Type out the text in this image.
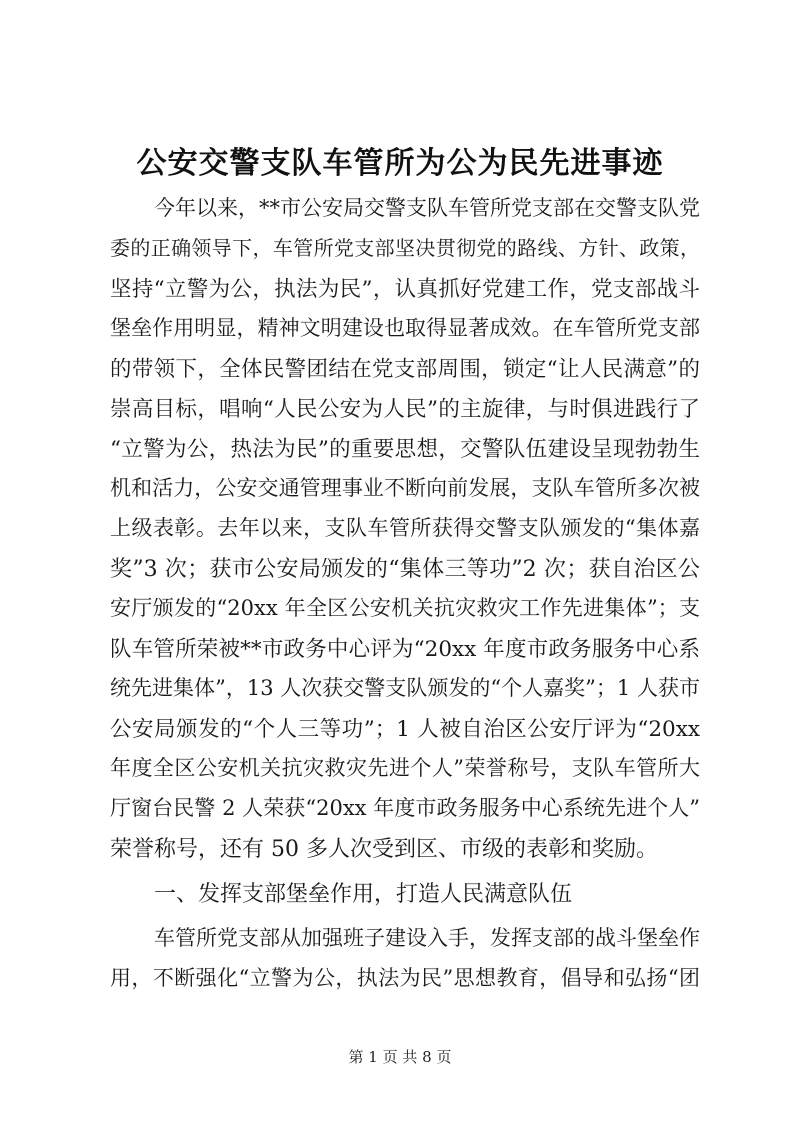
公安交警支队车管所为公为民先进事迹
今年以来，**市公安局交警支队车管所党支部在交警支队党
委的正确领导下，车管所党支部坚决贯彻党的路线、方针、政策，
坚持“立警为公，执法为民”，认真抓好党建工作，党支部战斗
堡垒作用明显，精神文明建设也取得显著成效。在车管所党支部
的带领下，全体民警团结在党支部周围，锁定“让人民满意”的
崇高目标，唱响“人民公安为人民”的主旋律，与时俱进践行了
“立警为公，热法为民”的重要思想，交警队伍建设呈现勃勃生
机和活力，公安交通管理事业不断向前发展，支队车管所多次被
上级表彰。去年以来，支队车管所获得交警支队颁发的“集体嘉
奖”3 次；获市公安局颁发的“集体三等功”2 次；获自治区公
安厅颁发的“20xx 年全区公安机关抗灾救灾工作先进集体”；支
队车管所荣被**市政务中心评为“20xx 年度市政务服务中心系
统先进集体”，13 人次获交警支队颁发的“个人嘉奖”；1 人获市
公安局颁发的“个人三等功”；1 人被自治区公安厅评为“20xx
年度全区公安机关抗灾救灾先进个人”荣誉称号，支队车管所大
厅窗台民警 2 人荣获“20xx 年度市政务服务中心系统先进个人”
荣誉称号，还有 50 多人次受到区、市级的表彰和奖励。
一、发挥支部堡垒作用，打造人民满意队伍
车管所党支部从加强班子建设入手，发挥支部的战斗堡垒作
用，不断强化“立警为公，执法为民”思想教育，倡导和弘扬“团
第 1 页 共 8 页
